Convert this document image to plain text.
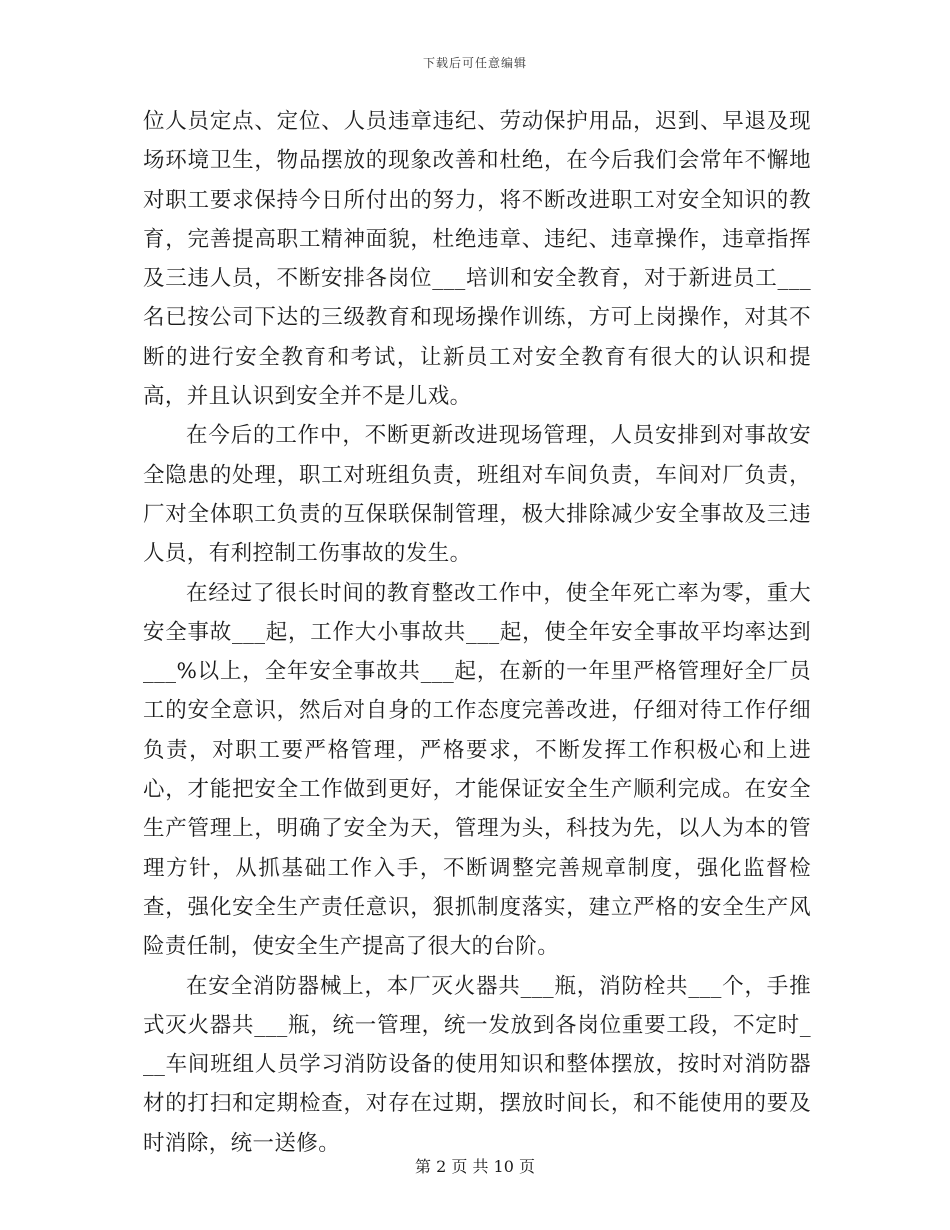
下载后可任意编辑

位人员定点、定位、人员违章违纪、劳动保护用品，迟到、早退及现场环境卫生，物品摆放的现象改善和杜绝，在今后我们会常年不懈地对职工要求保持今日所付出的努力，将不断改进职工对安全知识的教育，完善提高职工精神面貌，杜绝违章、违纪、违章操作，违章指挥及三违人员，不断安排各岗位___培训和安全教育，对于新进员工___名已按公司下达的三级教育和现场操作训练，方可上岗操作，对其不断的进行安全教育和考试，让新员工对安全教育有很大的认识和提高，并且认识到安全并不是儿戏。

在今后的工作中，不断更新改进现场管理，人员安排到对事故安全隐患的处理，职工对班组负责，班组对车间负责，车间对厂负责，厂对全体职工负责的互保联保制管理，极大排除减少安全事故及三违人员，有利控制工伤事故的发生。

在经过了很长时间的教育整改工作中，使全年死亡率为零，重大安全事故___起，工作大小事故共___起，使全年安全事故平均率达到___%以上，全年安全事故共___起，在新的一年里严格管理好全厂员工的安全意识，然后对自身的工作态度完善改进，仔细对待工作仔细负责，对职工要严格管理，严格要求，不断发挥工作积极心和上进心，才能把安全工作做到更好，才能保证安全生产顺利完成。在安全生产管理上，明确了安全为天，管理为头，科技为先，以人为本的管理方针，从抓基础工作入手，不断调整完善规章制度，强化监督检查，强化安全生产责任意识，狠抓制度落实，建立严格的安全生产风险责任制，使安全生产提高了很大的台阶。

在安全消防器械上，本厂灭火器共___瓶，消防栓共___个，手推式灭火器共___瓶，统一管理，统一发放到各岗位重要工段，不定时___车间班组人员学习消防设备的使用知识和整体摆放，按时对消防器材的打扫和定期检查，对存在过期，摆放时间长，和不能使用的要及时消除，统一送修。

第 2 页 共 10 页
